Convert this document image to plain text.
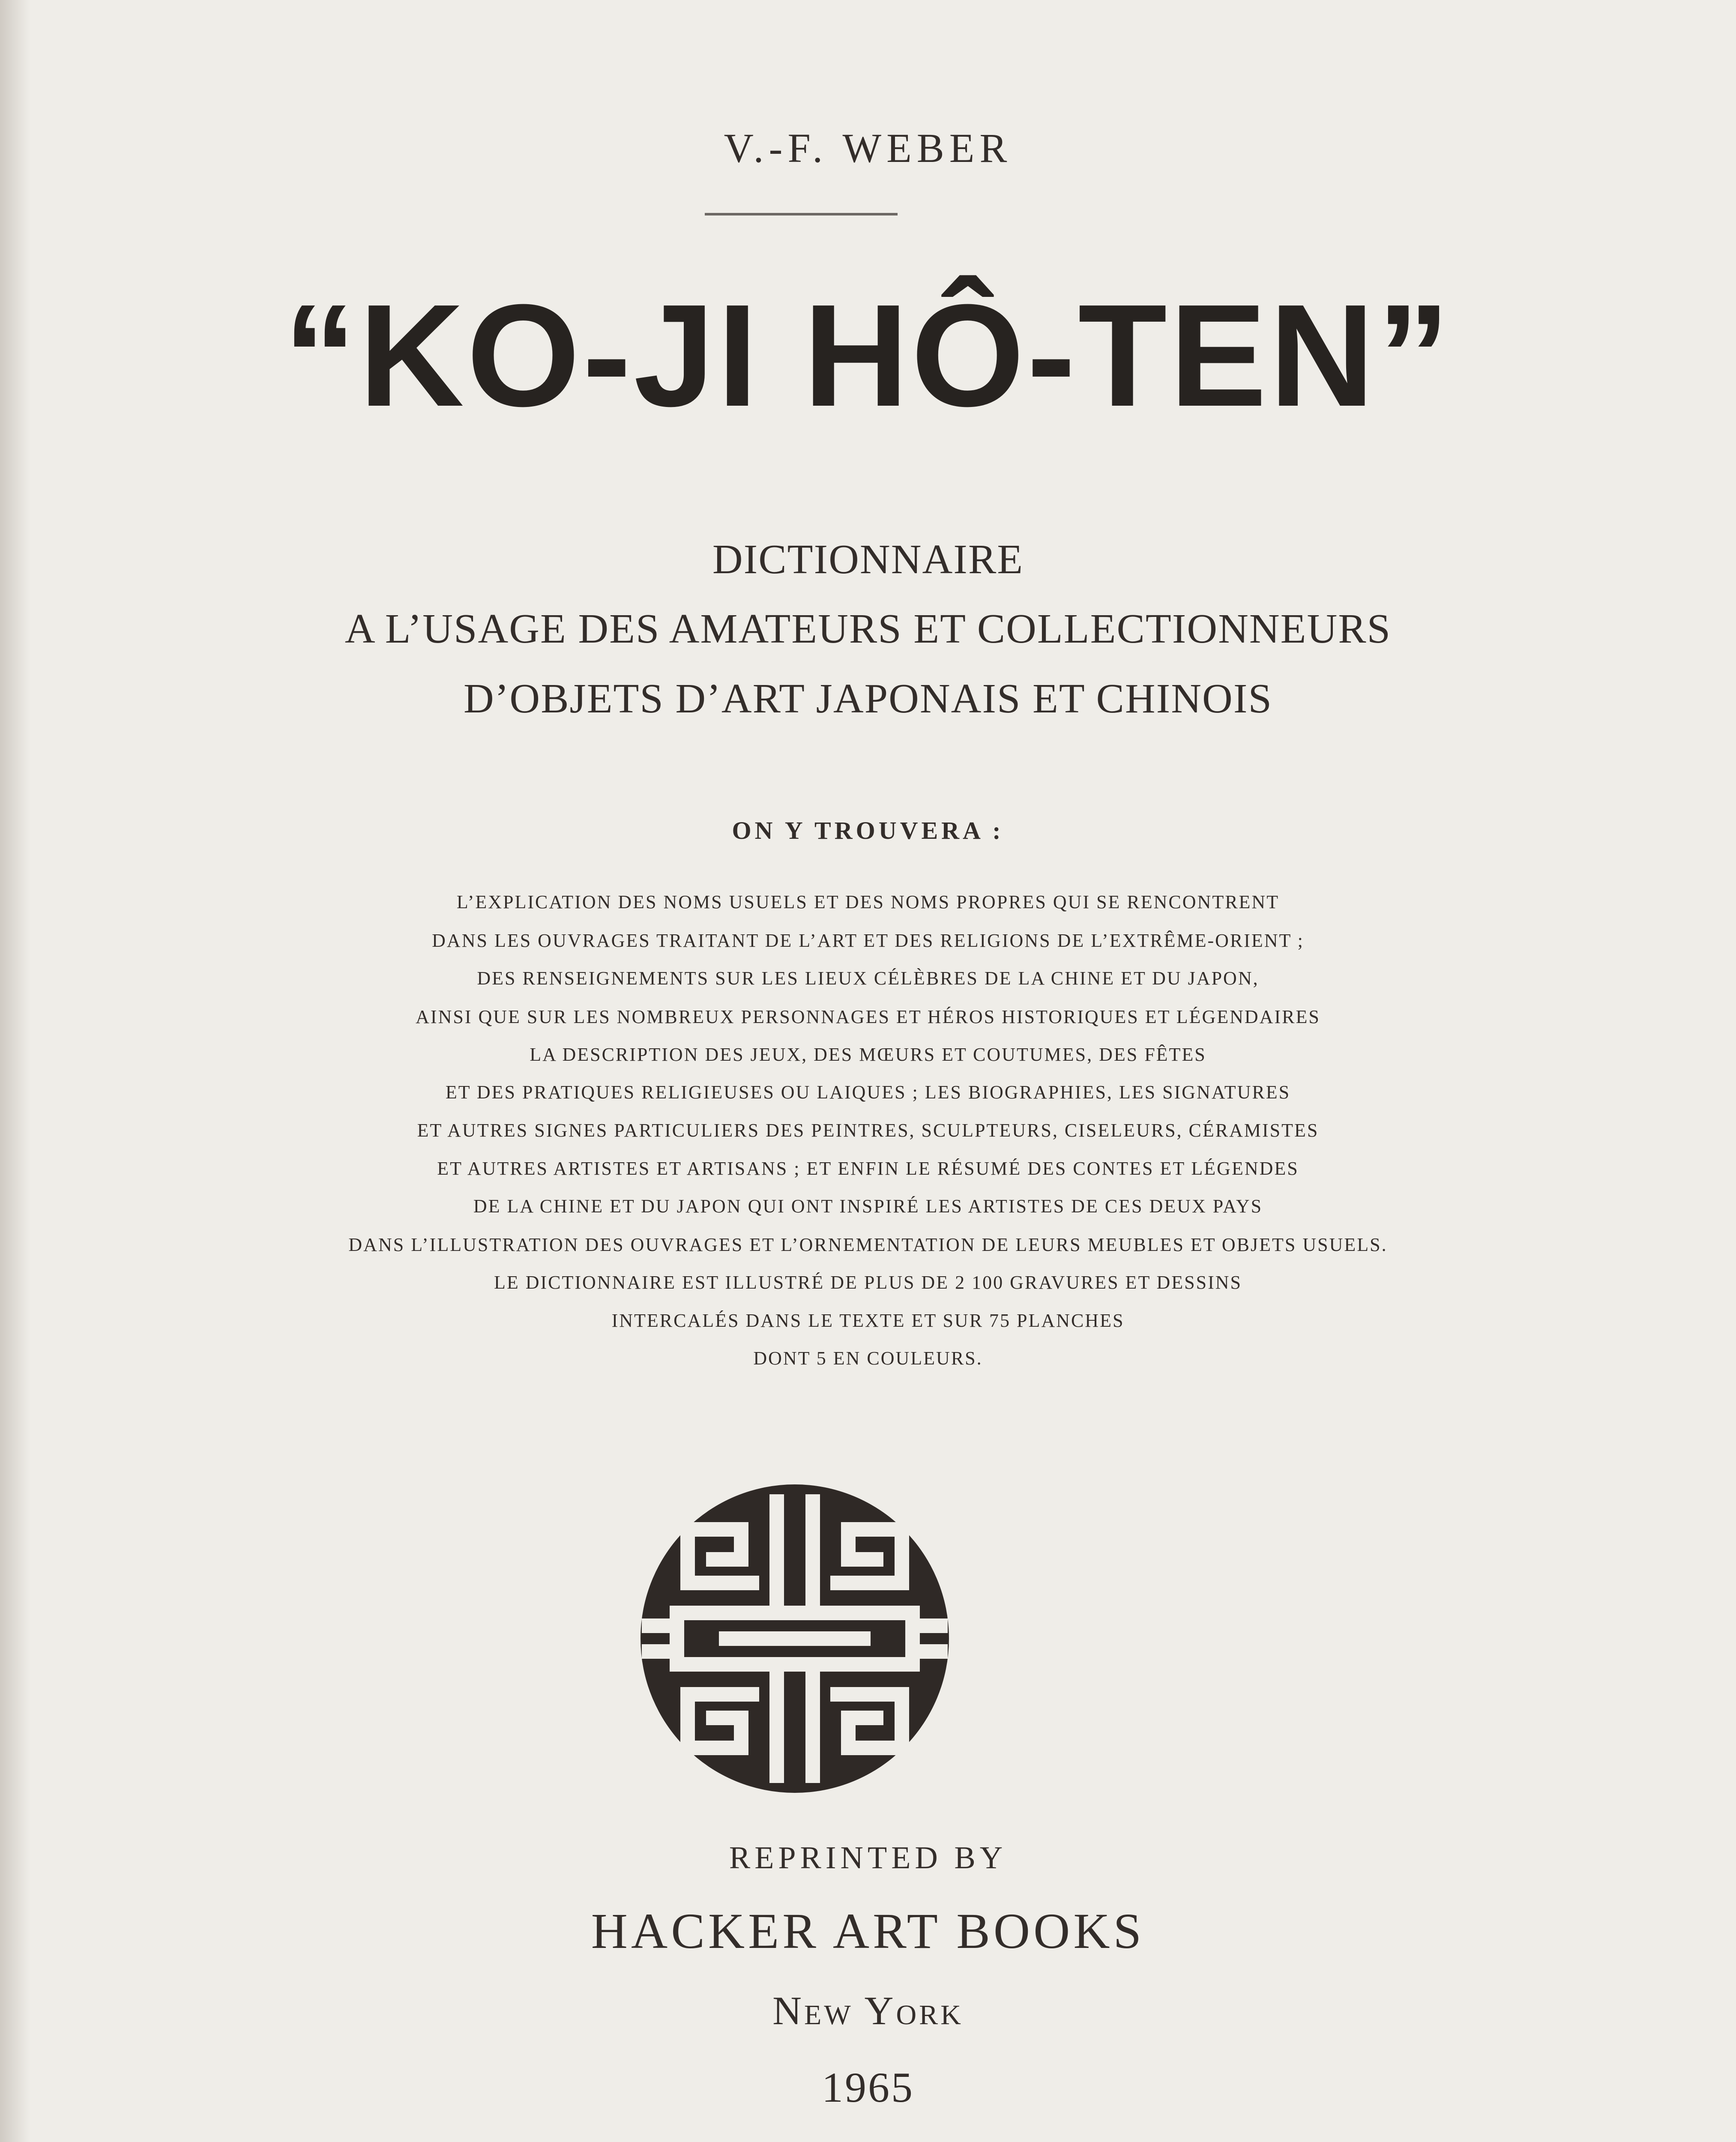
V.-F. WEBER
“KO-JI HÔ-TEN”
DICTIONNAIRE
A L’USAGE DES AMATEURS ET COLLECTIONNEURS
D’OBJETS D’ART JAPONAIS ET CHINOIS
ON Y TROUVERA :
L’EXPLICATION DES NOMS USUELS ET DES NOMS PROPRES QUI SE RENCONTRENT
DANS LES OUVRAGES TRAITANT DE L’ART ET DES RELIGIONS DE L’EXTRÊME-ORIENT ;
DES RENSEIGNEMENTS SUR LES LIEUX CÉLÈBRES DE LA CHINE ET DU JAPON,
AINSI QUE SUR LES NOMBREUX PERSONNAGES ET HÉROS HISTORIQUES ET LÉGENDAIRES
LA DESCRIPTION DES JEUX, DES MŒURS ET COUTUMES, DES FÊTES
ET DES PRATIQUES RELIGIEUSES OU LAIQUES ; LES BIOGRAPHIES, LES SIGNATURES
ET AUTRES SIGNES PARTICULIERS DES PEINTRES, SCULPTEURS, CISELEURS, CÉRAMISTES
ET AUTRES ARTISTES ET ARTISANS ; ET ENFIN LE RÉSUMÉ DES CONTES ET LÉGENDES
DE LA CHINE ET DU JAPON QUI ONT INSPIRÉ LES ARTISTES DE CES DEUX PAYS
DANS L’ILLUSTRATION DES OUVRAGES ET L’ORNEMENTATION DE LEURS MEUBLES ET OBJETS USUELS.
LE DICTIONNAIRE EST ILLUSTRÉ DE PLUS DE 2 100 GRAVURES ET DESSINS
INTERCALÉS DANS LE TEXTE ET SUR 75 PLANCHES
DONT 5 EN COULEURS.
REPRINTED BY
HACKER ART BOOKS
New York
1965
